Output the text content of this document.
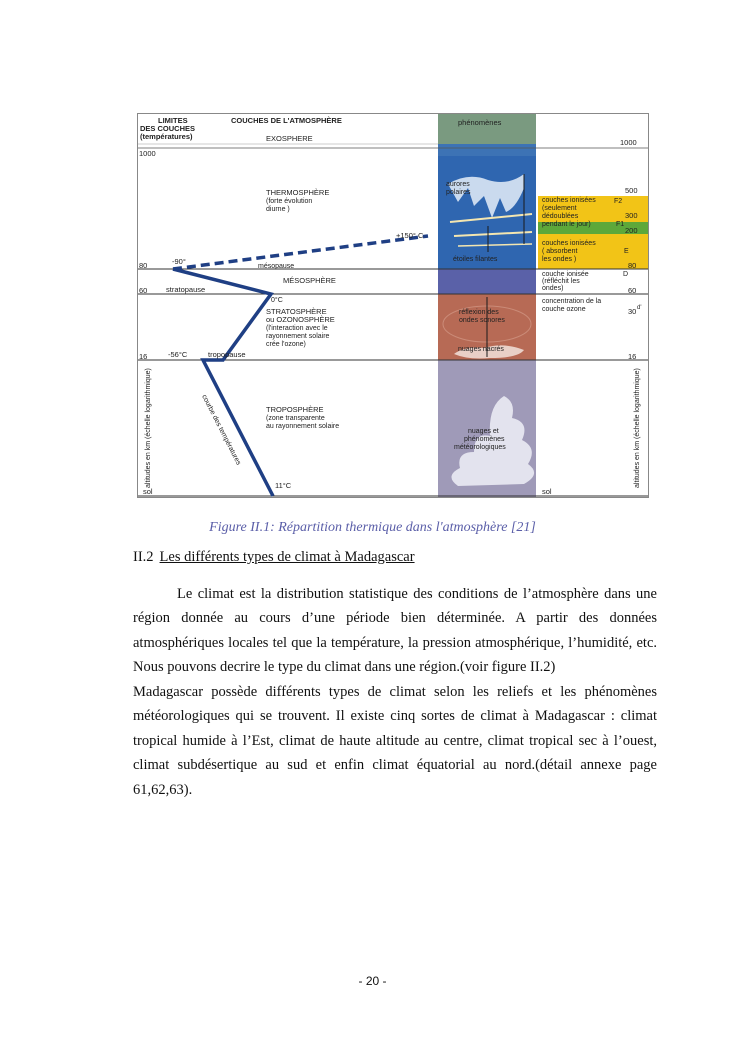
LIMITES
DES COUCHES
(températures)
COUCHES DE L'ATMOSPHÈRE	phénomènes
EXOSPHERE
1000
80
60
16
sol
1000
500
300
200
80
60
30
16
sol
altitudes en km (échelle logarithmique)	altitudes en km (échelle logarithmique)
THERMOSPHÈRE
(forte évolution
diurne )
+150° C
-90°
mésopause
MÉSOSPHÈRE
stratopause
0°C
STRATOSPHÈRE
ou OZONOSPHÈRE
(l'interaction avec le
rayonnement solaire
crée l'ozone)
-56°C	tropopause
TROPOSPHÈRE
(zone transparente
au rayonnement solaire
11°C
courbe des températures
aurores
polaires
étoiles filantes
réflexion des
ondes sonores
nuages nacrés
nuages et
phénomènes
météorologiques
couches ionisées
(seulement
dédoublées
pendant le jour)
F2
F1
couches ionisées
( absorbent
les ondes )
E
couche ionisée
(réfléchit les
ondes)
D
concentration de la
couche ozone	d'
Figure II.1: Répartition thermique dans l'atmosphère [21]
II.2 Les différents types de climat à Madagascar
Le climat est la distribution statistique des conditions de l’atmosphère dans une région donnée au cours d’une période bien déterminée. A partir des données atmosphériques locales tel que la température, la pression atmosphérique, l’humidité, etc. Nous pouvons decrire le type du climat dans une région.(voir figure II.2)
Madagascar possède différents types de climat selon les reliefs et les phénomènes météorologiques qui se trouvent. Il existe cinq sortes de climat à Madagascar : climat tropical humide à l’Est, climat de haute altitude au centre, climat tropical sec à l’ouest, climat subdésertique au sud et enfin climat équatorial au nord.(détail annexe page 61,62,63).
- 20 -
